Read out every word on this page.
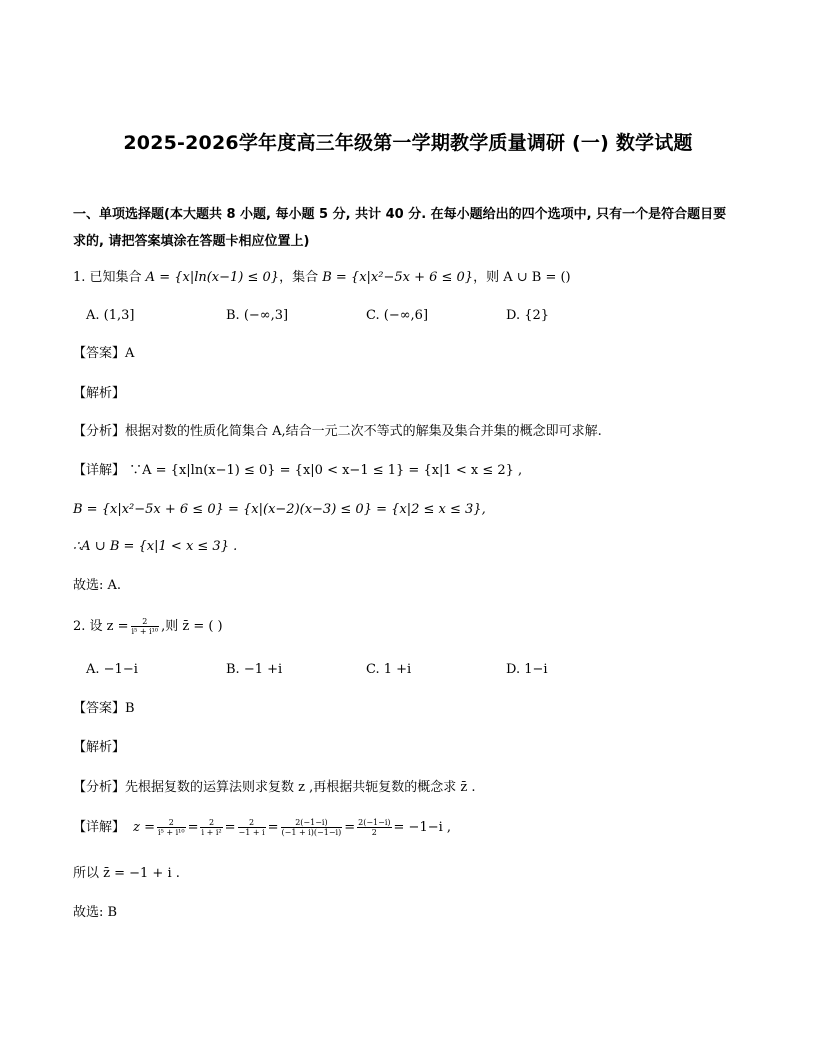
2025-2026学年度高三年级第一学期教学质量调研 (一) 数学试题
一、单项选择题(本大题共 8 小题, 每小题 5 分, 共计 40 分. 在每小题给出的四个选项中, 只有一个是符合题目要
求的, 请把答案填涂在答题卡相应位置上)
1. 已知集合 A = {x|ln(x−1) ≤ 0}，集合 B = {x|x²−5x + 6 ≤ 0}，则 A ∪ B = ()
A. (1,3]	B. (−∞,3]	C. (−∞,6]	D. {2}
【答案】A
【解析】
【分析】根据对数的性质化简集合 A,结合一元二次不等式的解集及集合并集的概念即可求解.
【详解】 ∵A = {x|ln(x−1) ≤ 0} = {x|0 < x−1 ≤ 1} = {x|1 < x ≤ 2} ,
B = {x|x²−5x + 6 ≤ 0} = {x|(x−2)(x−3) ≤ 0} = {x|2 ≤ x ≤ 3},
∴A ∪ B = {x|1 < x ≤ 3} .
故选: A.
2. 设 $z = \frac{2}{\text{i⁵ + i¹⁰}}$ ,则 z̄ = ( )
A. −1−i	B. −1 +i	C. 1 +i	D. 1−i
【答案】B
【解析】
【分析】先根据复数的运算法则求复数 z ,再根据共轭复数的概念求 z̄ .
【详解】 $z = \frac{2}{\text{i⁵ + i¹⁰}} = \frac{2}{\text{i + i²}} = \frac{2}{-1 + i} = \frac{2(-1-i)}{(-1 + i)(-1-i)} = \frac{2(-1-i)}{2} = -1-i$ ,
所以 z̄ = −1 + i .
故选: B
